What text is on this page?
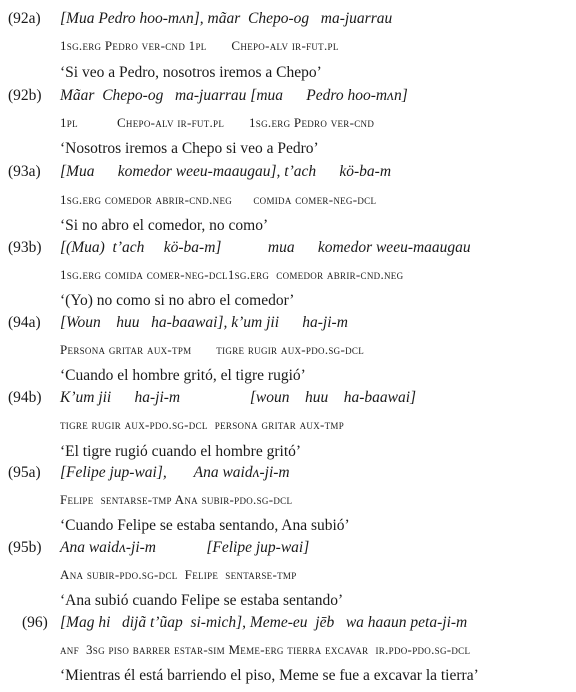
(92a) [Mua Pedro hoo-mʌn], mãar  Chepo-og   ma-juarrau
1sg.erg Pedro ver-cnd 1pl       Chepo-alv ir-fut.pl
‘Si veo a Pedro, nosotros iremos a Chepo’
(92b) Mãar  Chepo-og   ma-juarrau [mua      Pedro hoo-mʌn]
1pl           Chepo-alv ir-fut.pl       1sg.erg Pedro ver-cnd
‘Nosotros iremos a Chepo si veo a Pedro’
(93a) [Mua      komedor weeu-maaugau], t’ach      kö-ba-m
1sg.erg comedor abrir-cnd.neg      comida comer-neg-dcl
‘Si no abro el comedor, no como’
(93b) [(Mua)  t’ach     kö-ba-m]            mua      komedor weeu-maaugau
1sg.erg comida comer-neg-dcl1sg.erg  comedor abrir-cnd.neg
‘(Yo) no como si no abro el comedor’
(94a) [Woun    huu   ha-baawai], k’um jii      ha-ji-m
Persona gritar aux-tpm       tigre rugir aux-pdo.sg-dcl
‘Cuando el hombre gritó, el tigre rugió’
(94b) K’um jii      ha-ji-m                  [woun    huu    ha-baawai]
tigre rugir aux-pdo.sg-dcl  persona gritar aux-tmp
‘El tigre rugió cuando el hombre gritó’
(95a) [Felipe jup-wai],       Ana waidʌ-ji-m
Felipe  sentarse-tmp Ana subir-pdo.sg-dcl
‘Cuando Felipe se estaba sentando, Ana subió’
(95b) Ana waidʌ-ji-m             [Felipe jup-wai]
Ana subir-pdo.sg-dcl  Felipe  sentarse-tmp
‘Ana subió cuando Felipe se estaba sentando’
(96) [Mag hi   dijã t’ũap  si-mich], Meme-eu  jēb   wa haaun peta-ji-m
anf  3sg piso barrer estar-sim Meme-erg tierra excavar  ir.pdo-pdo.sg-dcl
‘Mientras él está barriendo el piso, Meme se fue a excavar la tierra’
